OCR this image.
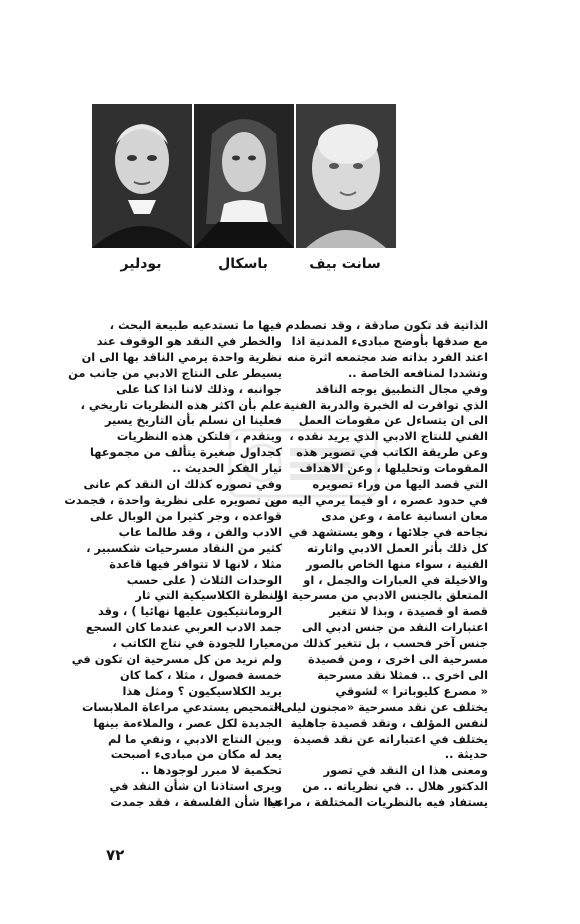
سانت بيف
باسكال
بودلير

الذاتية قد تكون صادقة ، وقد تصطدم
مع صدقها بأوضح مبادىء المدنية اذا
اعتد الفرد بذاته ضد مجتمعه اثرة منه
وتشددا لمنافعه الخاصة ..
وفي مجال التطبيق يوجه الناقد
الذي توافرت له الخبرة والدربة الفنية
الى ان يتساءل عن مقومات العمل
الفني للنتاج الادبي الذي يريد نقده ،
وعن طريقة الكاتب في تصوير هذه
المقومات وتحليلها ، وعن الاهداف
التي قصد اليها من وراء تصويره
في حدود عصره ، او فيما يرمي اليه من
معان انسانية عامة ، وعن مدى
نجاحه في جلائها ، وهو يستشهد في
كل ذلك بأثر العمل الادبي واثارته
الفنية ، سواء منها الخاص بالصور
والاخيلة في العبارات والجمل ، او
المتعلق بالجنس الادبي من مسرحية او
قصة او قصيدة ، وبذا لا تتغير
اعتبارات النقد من جنس ادبي الى
جنس آخر فحسب ، بل تتغير كذلك من
مسرحية الى اخرى ، ومن قصيدة
الى اخرى .. فمثلا نقد مسرحية
« مصرع كليوباترا » لشوقي
يختلف عن نقد مسرحية «مجنون ليلى»
لنفس المؤلف ، ونقد قصيدة جاهلية
يختلف في اعتباراته عن نقد قصيدة
حديثة ..
ومعنى هذا ان النقد في تصور
الدكتور هلال .. في نظرياته .. من
يستفاد فيه بالنظريات المختلفة ، مراعيا

فيها ما تستدعيه طبيعة البحث ،
والخطر في النقد هو الوقوف عند
نظرية واحدة يرمي الناقد بها الى ان
يسيطر على النتاج الادبي من جانب من
جوانبه ، وذلك لاننا اذا كنا على
علم بأن اكثر هذه النظريات تاريخي ،
فعلينا ان نسلم بأن التاريخ يسير
ويتقدم ، فلتكن هذه النظريات
كجداول صغيرة يتألف من مجموعها
تيار الفكر الحديث ..
وفي تصوره كذلك ان النقد كم عانى
من تصويره على نظرية واحدة ، فجمدت
قواعده ، وجر كثيرا من الوبال على
الادب والفن ، وقد طالما عاب
كثير من النقاد مسرحيات شكسبير ،
مثلا ، لانها لا تتوافر فيها قاعدة
الوحدات الثلاث ( على حسب
النظرة الكلاسيكية التي ثار
الرومانتيكيون عليها نهائيا ) ، وقد
جمد الادب العربي عندما كان السجع
معيارا للجودة في نتاج الكاتب ،
ولم نريد من كل مسرحية ان تكون في
خمسة فصول ، مثلا ، كما كان
يريد الكلاسيكيون ؟ ومثل هذا
التمحيص يستدعي مراعاة الملابسات
الجديدة لكل عصر ، والملاءمة بينها
وبين النتاج الادبي ، ونفي ما لم
يعد له مكان من مبادىء اصبحت
تحكمية لا مبرر لوجودها ..
ويرى استاذنا ان شأن النقد في
هذا شأن الفلسفة ، فقد جمدت

٧٢
